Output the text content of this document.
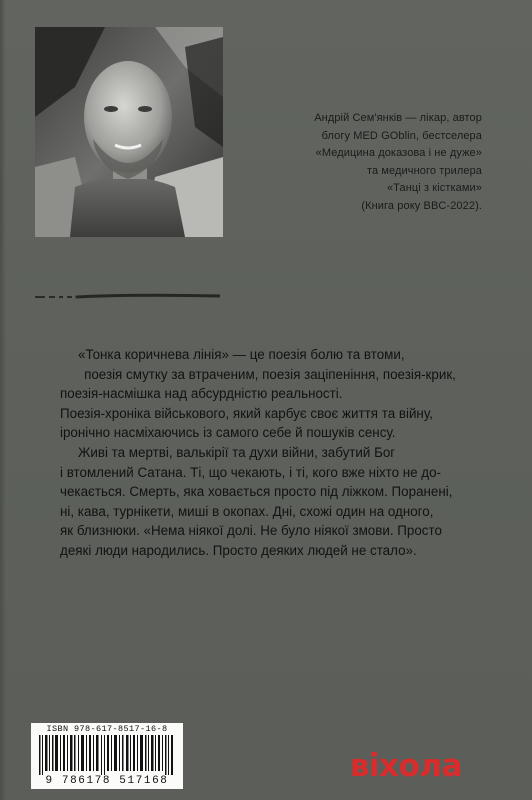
Андрій Сем'янків — лікар, автор
блогу MED GOblin, бестселера
«Медицина доказова і не дуже»
та медичного трилера
«Танці з кістками»
(Книга року BBC-2022).
«Тонка коричнева лінія» — це поезія болю та втоми,
поезія смутку за втраченим, поезія заціпеніння, поезія-крик,
поезія-насмішка над абсурдністю реальності.
Поезія-хроніка військового, який карбує своє життя та війну,
іронічно насміхаючись із самого себе й пошуків сенсу.
Живі та мертві, валькірії та духи війни, забутий Бог
і втомлений Сатана. Ті, що чекають, і ті, кого вже ніхто не до-
чекається. Смерть, яка ховається просто під ліжком. Поранені,
ні, кава, турнікети, миші в окопах. Дні, схожі один на одного,
як близнюки. «Нема ніякої долі. Не було ніякої змови. Просто
деякі люди народились. Просто деяких людей не стало».
ISBN 978-617-8517-16-8
9 786178 517168	віхола
